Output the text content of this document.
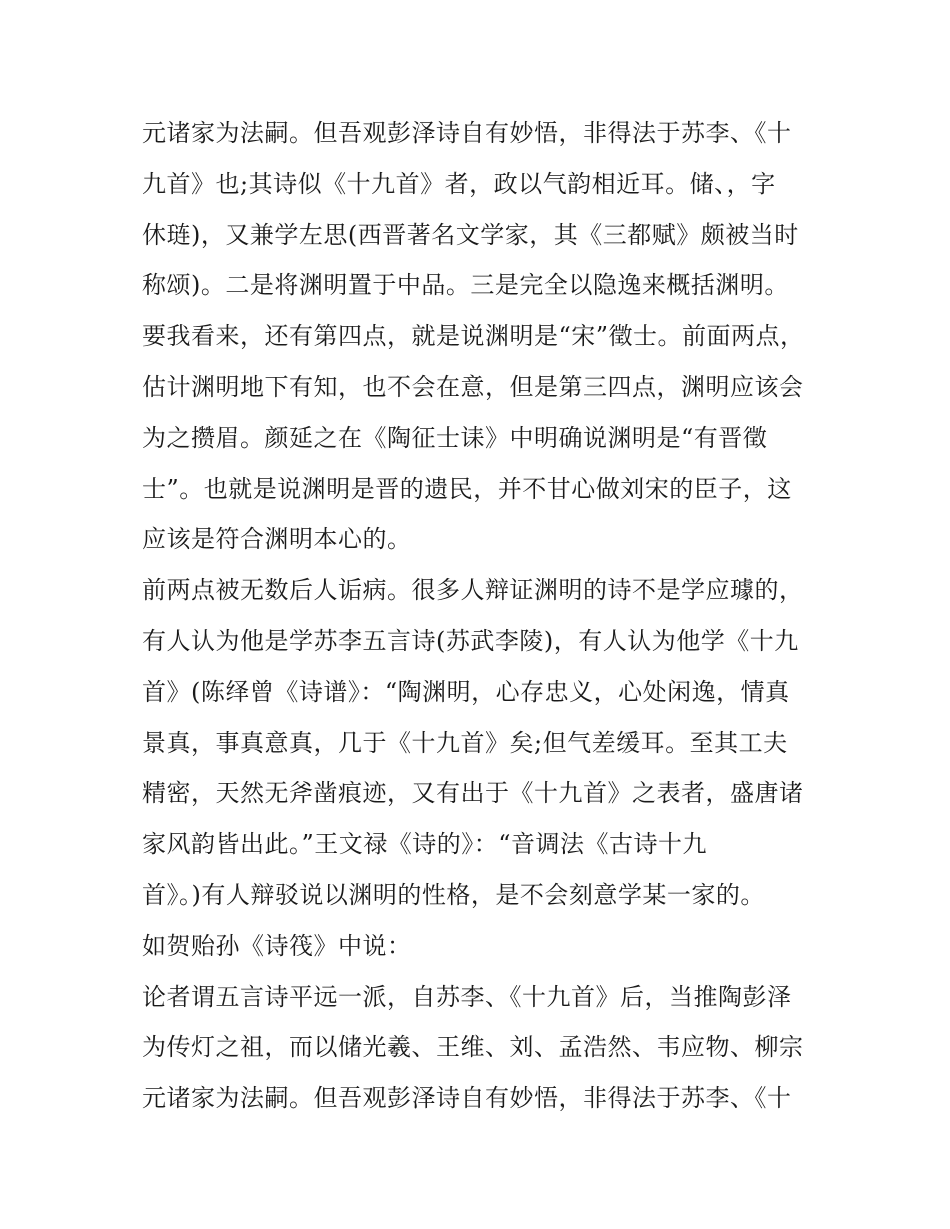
元诸家为法嗣。但吾观彭泽诗自有妙悟，非得法于苏李、《十
九首》也;其诗似《十九首》者，政以气韵相近耳。储、，字
休琏)，又兼学左思(西晋著名文学家，其《三都赋》颇被当时
称颂)。二是将渊明置于中品。三是完全以隐逸来概括渊明。
要我看来，还有第四点，就是说渊明是“宋”徵士。前面两点，
估计渊明地下有知，也不会在意，但是第三四点，渊明应该会
为之攒眉。颜延之在《陶征士诔》中明确说渊明是“有晋徵
士”。也就是说渊明是晋的遗民，并不甘心做刘宋的臣子，这
应该是符合渊明本心的。
前两点被无数后人诟病。很多人辩证渊明的诗不是学应璩的，
有人认为他是学苏李五言诗(苏武李陵)，有人认为他学《十九
首》(陈绎曾《诗谱》：“陶渊明，心存忠义，心处闲逸，情真
景真，事真意真，几于《十九首》矣;但气差缓耳。至其工夫
精密，天然无斧凿痕迹，又有出于《十九首》之表者，盛唐诸
家风韵皆出此。”王文禄《诗的》：“音调法《古诗十九
首》。)有人辩驳说以渊明的性格，是不会刻意学某一家的。
如贺贻孙《诗筏》中说：
论者谓五言诗平远一派，自苏李、《十九首》后，当推陶彭泽
为传灯之祖，而以储光羲、王维、刘、孟浩然、韦应物、柳宗
元诸家为法嗣。但吾观彭泽诗自有妙悟，非得法于苏李、《十
